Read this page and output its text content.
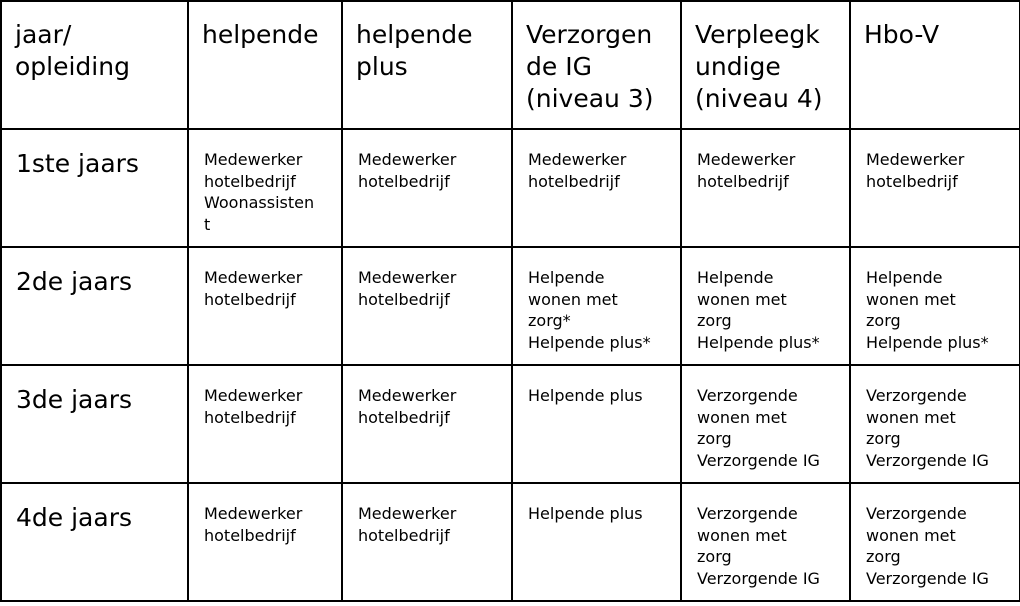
jaar/
opleiding	helpende	helpende
plus	Verzorgen
de IG
(niveau 3)	Verpleegk
undige
(niveau 4)	Hbo-V
1ste jaars	Medewerker
hotelbedrijf
Woonassisten
t	Medewerker
hotelbedrijf	Medewerker
hotelbedrijf	Medewerker
hotelbedrijf	Medewerker
hotelbedrijf
2de jaars	Medewerker
hotelbedrijf	Medewerker
hotelbedrijf	Helpende
wonen met
zorg*
Helpende plus*	Helpende
wonen met
zorg
Helpende plus*	Helpende
wonen met
zorg
Helpende plus*
3de jaars	Medewerker
hotelbedrijf	Medewerker
hotelbedrijf	Helpende plus	Verzorgende
wonen met
zorg
Verzorgende IG	Verzorgende
wonen met
zorg
Verzorgende IG
4de jaars	Medewerker
hotelbedrijf	Medewerker
hotelbedrijf	Helpende plus	Verzorgende
wonen met
zorg
Verzorgende IG	Verzorgende
wonen met
zorg
Verzorgende IG
